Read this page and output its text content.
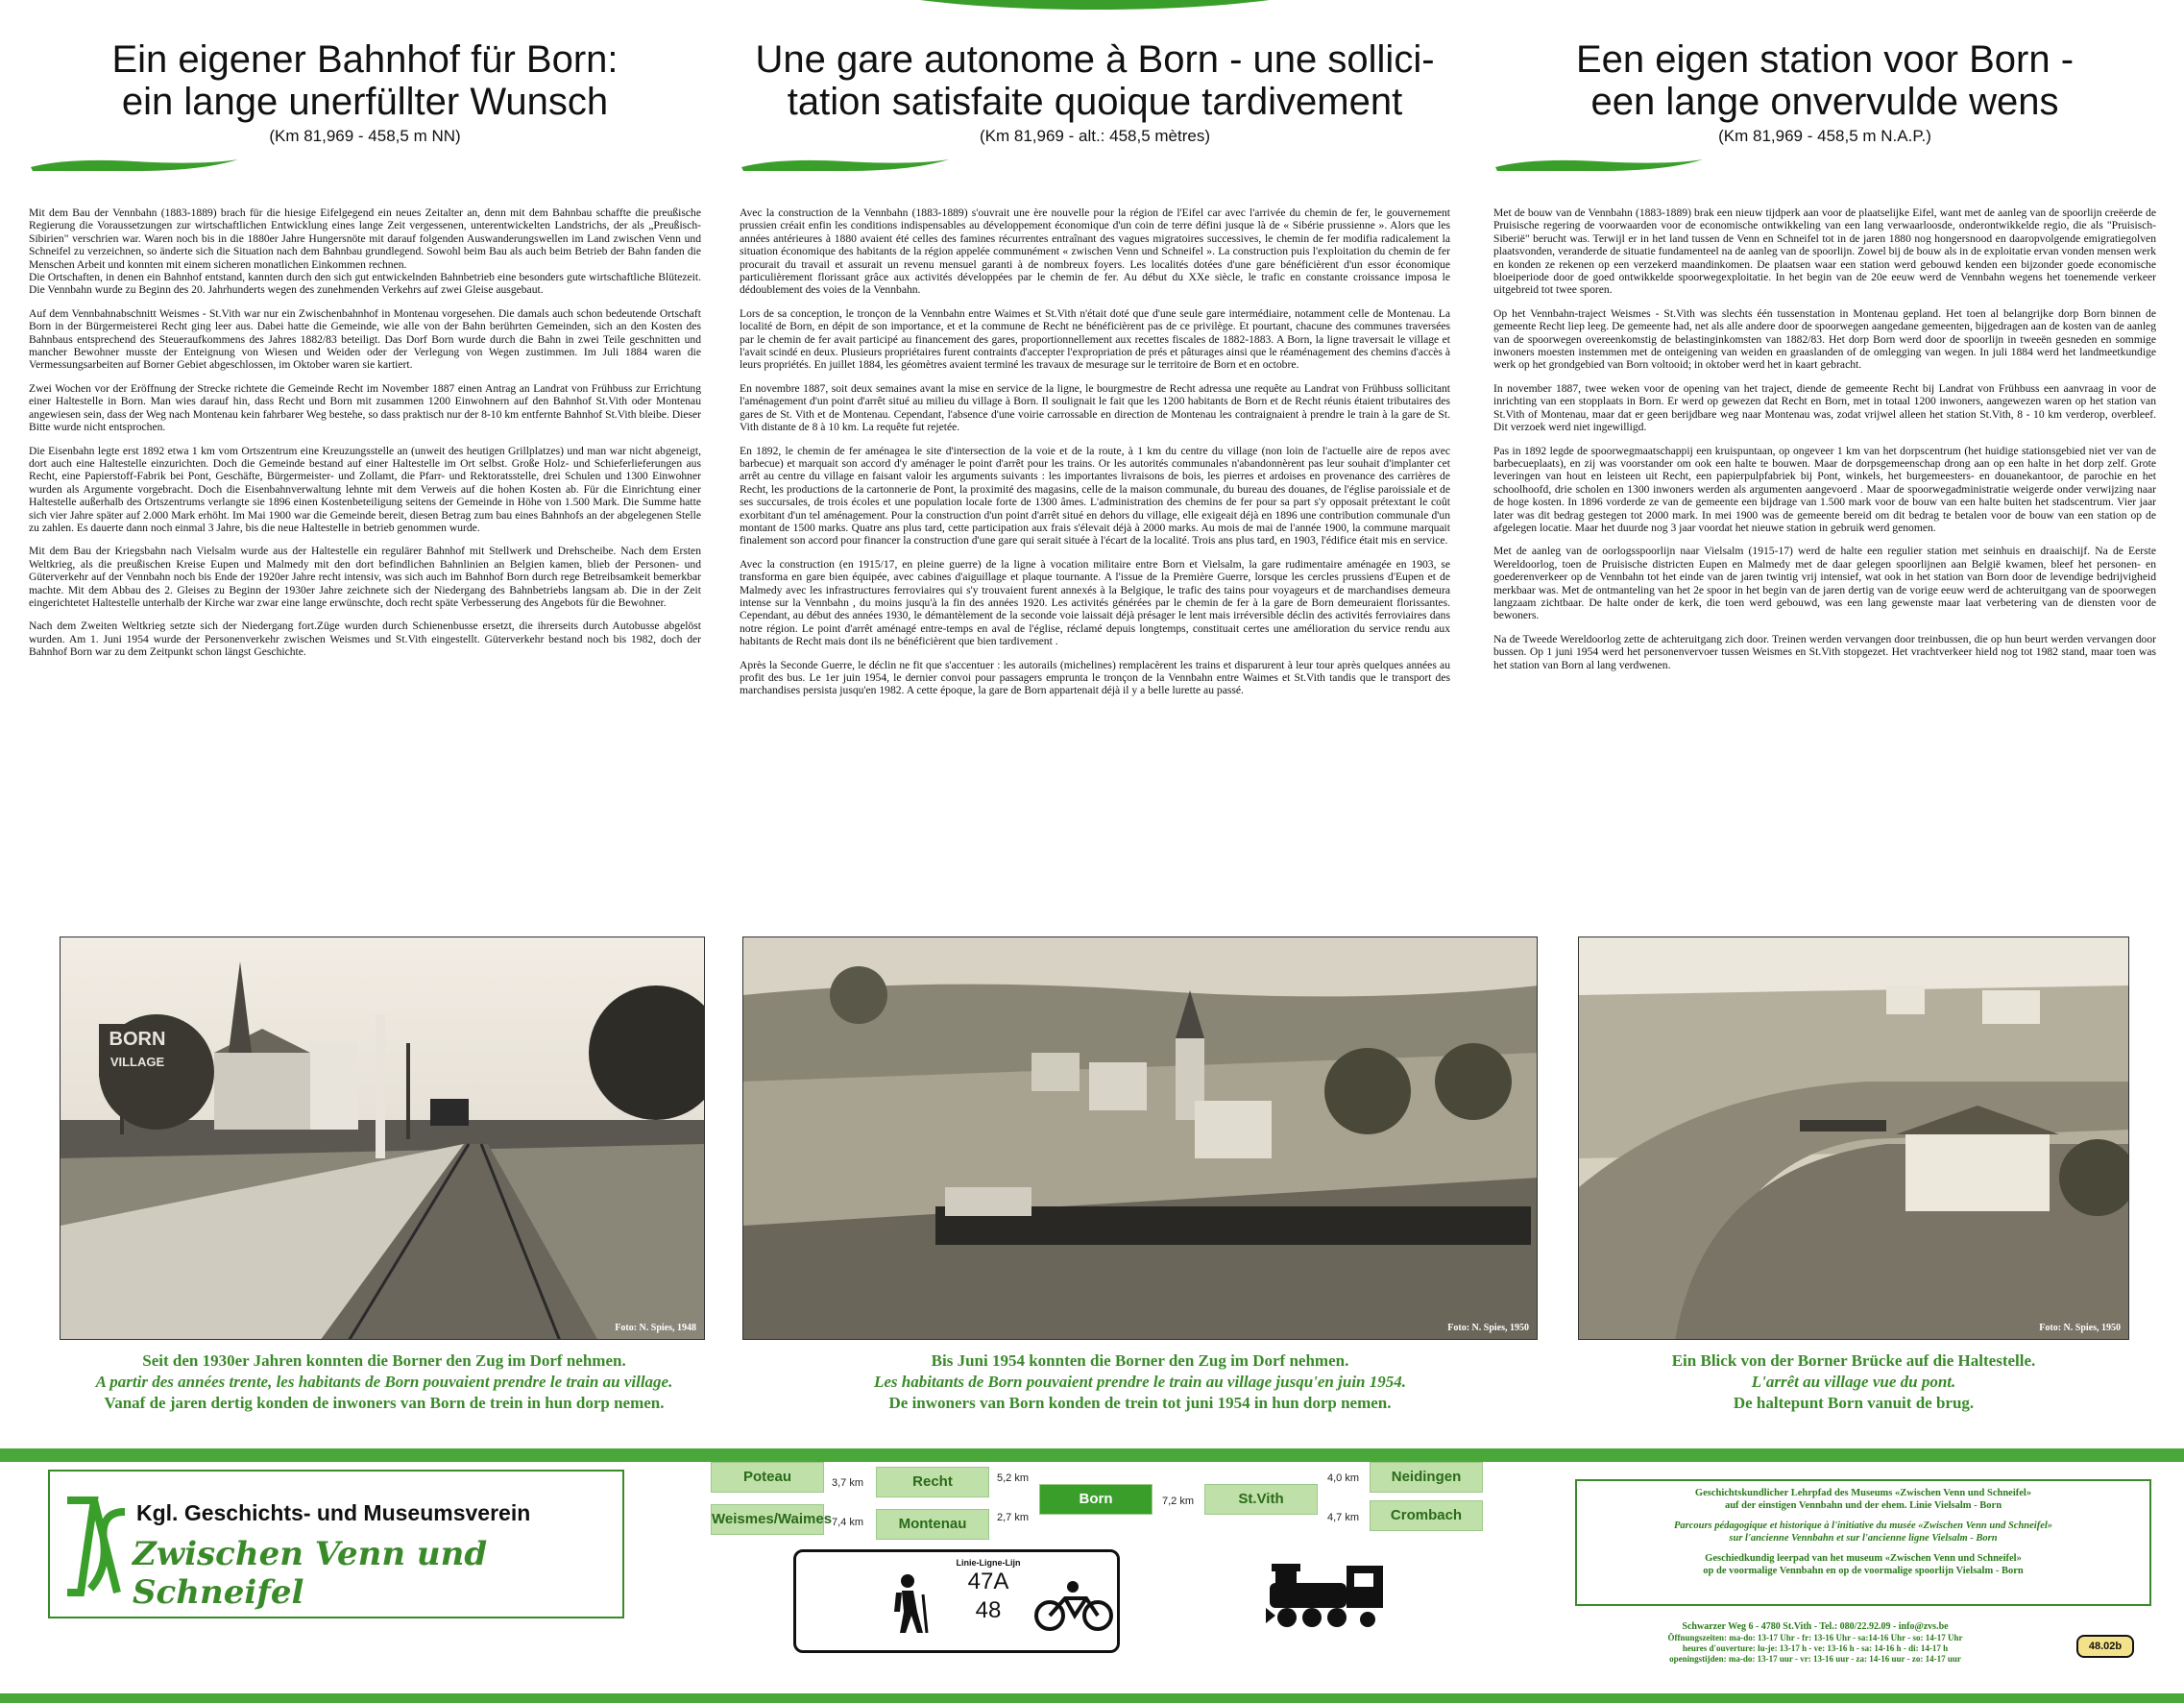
Ein eigener Bahnhof für Born:
ein lange unerfüllter Wunsch
(Km 81,969 - 458,5 m NN)

Mit dem Bau der Vennbahn (1883-1889) brach für die hiesige Eifelgegend ein neues Zeitalter an, denn mit dem Bahnbau schaffte die preußische Regierung die Voraussetzungen zur wirtschaftlichen Entwicklung eines lange Zeit vergessenen, unterentwickelten Landstrichs, der als „Preußisch-Sibirien" verschrien war. Waren noch bis in die 1880er Jahre Hungersnöte mit darauf folgenden Auswanderungswellen im Land zwischen Venn und Schneifel zu verzeichnen, so änderte sich die Situation nach dem Bahnbau grundlegend. Sowohl beim Bau als auch beim Betrieb der Bahn fanden die Menschen Arbeit und konnten mit einem sicheren monatlichen Einkommen rechnen.
Die Ortschaften, in denen ein Bahnhof entstand, kannten durch den sich gut entwickelnden Bahnbetrieb eine besonders gute wirtschaftliche Blütezeit. Die Vennbahn wurde zu Beginn des 20. Jahrhunderts wegen des zunehmenden Verkehrs auf zwei Gleise ausgebaut.

Auf dem Vennbahnabschnitt Weismes - St.Vith war nur ein Zwischenbahnhof in Montenau vorgesehen. Die damals auch schon bedeutende Ortschaft Born in der Bürgermeisterei Recht ging leer aus. Dabei hatte die Gemeinde, wie alle von der Bahn berührten Gemeinden, sich an den Kosten des Bahnbaus entsprechend des Steueraufkommens des Jahres 1882/83 beteiligt. Das Dorf Born wurde durch die Bahn in zwei Teile geschnitten und mancher Bewohner musste der Enteignung von Wiesen und Weiden oder der Verlegung von Wegen zustimmen. Im Juli 1884 waren die Vermessungsarbeiten auf Borner Gebiet abgeschlossen, im Oktober waren sie kartiert.

Zwei Wochen vor der Eröffnung der Strecke richtete die Gemeinde Recht im November 1887 einen Antrag an Landrat von Frühbuss zur Errichtung einer Haltestelle in Born. Man wies darauf hin, dass Recht und Born mit zusammen 1200 Einwohnern auf den Bahnhof St.Vith oder Montenau angewiesen sein, dass der Weg nach Montenau kein fahrbarer Weg bestehe, so dass praktisch nur der 8-10 km entfernte Bahnhof St.Vith bleibe. Dieser Bitte wurde nicht entsprochen.

Die Eisenbahn legte erst 1892 etwa 1 km vom Ortszentrum eine Kreuzungsstelle an (unweit des heutigen Grillplatzes) und man war nicht abgeneigt, dort auch eine Haltestelle einzurichten. Doch die Gemeinde bestand auf einer Haltestelle im Ort selbst. Große Holz- und Schieferlieferungen aus Recht, eine Papierstoff-Fabrik bei Pont, Geschäfte, Bürgermeister- und Zollamt, die Pfarr- und Rektoratsstelle, drei Schulen und 1300 Einwohner wurden als Argumente vorgebracht. Doch die Eisenbahnverwaltung lehnte mit dem Verweis auf die hohen Kosten ab. Für die Einrichtung einer Haltestelle außerhalb des Ortszentrums verlangte sie 1896 einen Kostenbeteiligung seitens der Gemeinde in Höhe von 1.500 Mark. Die Summe hatte sich vier Jahre später auf 2.000 Mark erhöht. Im Mai 1900 war die Gemeinde bereit, diesen Betrag zum bau eines Bahnhofs an der abgelegenen Stelle zu zahlen. Es dauerte dann noch einmal 3 Jahre, bis die neue Haltestelle in betrieb genommen wurde.

Mit dem Bau der Kriegsbahn nach Vielsalm wurde aus der Haltestelle ein regulärer Bahnhof mit Stellwerk und Drehscheibe. Nach dem Ersten Weltkrieg, als die preußischen Kreise Eupen und Malmedy mit den dort befindlichen Bahnlinien an Belgien kamen, blieb der Personen- und Güterverkehr auf der Vennbahn noch bis Ende der 1920er Jahre recht intensiv, was sich auch im Bahnhof Born durch rege Betreibsamkeit bemerkbar machte. Mit dem Abbau des 2. Gleises zu Beginn der 1930er Jahre zeichnete sich der Niedergang des Bahnbetriebs langsam ab. Die in der Zeit eingerichtetet Haltestelle unterhalb der Kirche war zwar eine lange erwünschte, doch recht späte Verbesserung des Angebots für die Bewohner.

Nach dem Zweiten Weltkrieg setzte sich der Niedergang fort.Züge wurden durch Schienenbusse ersetzt, die ihrerseits durch Autobusse abgelöst wurden. Am 1. Juni 1954 wurde der Personenverkehr zwischen Weismes und St.Vith eingestellt. Güterverkehr bestand noch bis 1982, doch der Bahnhof Born war zu dem Zeitpunkt schon längst Geschichte.

Une gare autonome à Born - une sollici-
tation satisfaite quoique tardivement
(Km 81,969 - alt.: 458,5 mètres)

Avec la construction de la Vennbahn (1883-1889) s'ouvrait une ère nouvelle pour la région de l'Eifel car avec l'arrivée du chemin de fer, le gouvernement prussien créait enfin les conditions indispensables au développement économique d'un coin de terre défini jusque là de « Sibérie prussienne ». Alors que les années antérieures à 1880 avaient été celles des famines récurrentes entraînant des vagues migratoires successives, le chemin de fer modifia radicalement la situation économique des habitants de la région appelée communément « zwischen Venn und Schneifel ». La construction puis l'exploitation du chemin de fer procurait du travail et assurait un revenu mensuel garanti à de nombreux foyers. Les localités dotées d'une gare bénéficièrent d'un essor économique particulièrement florissant grâce aux activités développées par le chemin de fer. Au début du XXe siècle, le trafic en constante croissance imposa le dédoublement des voies de la Vennbahn.

Lors de sa conception, le tronçon de la Vennbahn entre Waimes et St.Vith n'était doté que d'une seule gare intermédiaire, notamment celle de Montenau. La localité de Born, en dépit de son importance, et et la commune de Recht ne bénéficièrent pas de ce privilège. Et pourtant, chacune des communes traversées par le chemin de fer avait participé au financement des gares, proportionnellement aux recettes fiscales de 1882-1883. A Born, la ligne traversait le village et l'avait scindé en deux. Plusieurs propriétaires furent contraints d'accepter l'expropriation de prés et pâturages ainsi que le réaménagement des chemins d'accès à leurs propriétés. En juillet 1884, les géomètres avaient terminé les travaux de mesurage sur le territoire de Born et en octobre.

En novembre 1887, soit deux semaines avant la mise en service de la ligne, le bourgmestre de Recht adressa une requête au Landrat von Frühbuss sollicitant l'aménagement d'un point d'arrêt situé au milieu du village à Born. Il soulignait le fait que les 1200 habitants de Born et de Recht réunis étaient tributaires des gares de St. Vith et de Montenau. Cependant, l'absence d'une voirie carrossable en direction de Montenau les contraignaient à prendre le train à la gare de St. Vith distante de 8 à 10 km. La requête fut rejetée.

En 1892, le chemin de fer aménagea le site d'intersection de la voie et de la route, à 1 km du centre du village (non loin de l'actuelle aire de repos avec barbecue) et marquait son accord d'y aménager le point d'arrêt pour les trains. Or les autorités communales n'abandonnèrent pas leur souhait d'implanter cet arrêt au centre du village en faisant valoir les arguments suivants : les importantes livraisons de bois, les pierres et ardoises en provenance des carrières de Recht, les productions de la cartonnerie de Pont, la proximité des magasins, celle de la maison communale, du bureau des douanes, de l'église paroissiale et de ses succursales, de trois écoles et une population locale forte de 1300 âmes. L'administration des chemins de fer pour sa part s'y opposait prétextant le coût exorbitant d'un tel aménagement. Pour la construction d'un point d'arrêt situé en dehors du village, elle exigeait déjà en 1896 une contribution communale d'un montant de 1500 marks. Quatre ans plus tard, cette participation aux frais s'élevait déjà à 2000 marks. Au mois de mai de l'année 1900, la commune marquait finalement son accord pour financer la construction d'une gare qui serait située à l'écart de la localité. Trois ans plus tard, en 1903, l'édifice était mis en service.

Avec la construction (en 1915/17, en pleine guerre) de la ligne à vocation militaire entre Born et Vielsalm, la gare rudimentaire aménagée en 1903, se transforma en gare bien équipée, avec cabines d'aiguillage et plaque tournante. A l'issue de la Première Guerre, lorsque les cercles prussiens d'Eupen et de Malmedy avec les infrastructures ferroviaires qui s'y trouvaient furent annexés à la Belgique, le trafic des tains pour voyageurs et de marchandises demeura intense sur la Vennbahn , du moins jusqu'à la fin des années 1920. Les activités générées par le chemin de fer à la gare de Born demeuraient florissantes. Cependant, au début des années 1930, le démantèlement de la seconde voie laissait déjà présager le lent mais irréversible déclin des activités ferroviaires dans notre région. Le point d'arrêt aménagé entre-temps en aval de l'église, réclamé depuis longtemps, constituait certes une amélioration du service rendu aux habitants de Recht mais dont ils ne bénéficièrent que bien tardivement .

Après la Seconde Guerre, le déclin ne fit que s'accentuer : les autorails (michelines) remplacèrent les trains et disparurent à leur tour après quelques années au profit des bus. Le 1er juin 1954, le dernier convoi pour passagers emprunta le tronçon de la Vennbahn entre Waimes et St.Vith tandis que le transport des marchandises persista jusqu'en 1982. A cette époque, la gare de Born appartenait déjà il y a belle lurette au passé.

Een eigen station voor Born -
een lange onvervulde wens
(Km 81,969 - 458,5 m N.A.P.)

Met de bouw van de Vennbahn (1883-1889) brak een nieuw tijdperk aan voor de plaatselijke Eifel, want met de aanleg van de spoorlijn creëerde de Pruisische regering de voorwaarden voor de economische ontwikkeling van een lang verwaarloosde, onderontwikkelde regio, die als "Pruisisch- Siberië" berucht was. Terwijl er in het land tussen de Venn en Schneifel tot in de jaren 1880 nog hongersnood en daaropvolgende emigratiegolven plaatsvonden, veranderde de situatie fundamenteel na de aanleg van de spoorlijn. Zowel bij de bouw als in de exploitatie ervan vonden mensen werk en konden ze rekenen op een verzekerd maandinkomen. De plaatsen waar een station werd gebouwd kenden een bijzonder goede economische bloeiperiode door de goed ontwikkelde spoorwegexploitatie. In het begin van de 20e eeuw werd de Vennbahn wegens het toenemende verkeer uitgebreid tot twee sporen.

Op het Vennbahn-traject Weismes - St.Vith was slechts één tussenstation in Montenau gepland. Het toen al belangrijke dorp Born binnen de gemeente Recht liep leeg. De gemeente had, net als alle andere door de spoorwegen aangedane gemeenten, bijgedragen aan de kosten van de aanleg van de spoorwegen overeenkomstig de belastinginkomsten van 1882/83. Het dorp Born werd door de spoorlijn in tweeën gesneden en sommige inwoners moesten instemmen met de onteigening van weiden en graaslanden of de omlegging van wegen. In juli 1884 werd het landmeetkundige werk op het grondgebied van Born voltooid; in oktober werd het in kaart gebracht.

In november 1887, twee weken voor de opening van het traject, diende de gemeente Recht bij Landrat von Frühbuss een aanvraag in voor de inrichting van een stopplaats in Born. Er werd op gewezen dat Recht en Born, met in totaal 1200 inwoners, aangewezen waren op het station van St.Vith of Montenau, maar dat er geen berijdbare weg naar Montenau was, zodat vrijwel alleen het station St.Vith, 8 - 10 km verderop, overbleef. Dit verzoek werd niet ingewilligd.

Pas in 1892 legde de spoorwegmaatschappij een kruispuntaan, op ongeveer 1 km van het dorpscentrum (het huidige stationsgebied niet ver van de barbecueplaats), en zij was voorstander om ook een halte te bouwen. Maar de dorpsgemeenschap drong aan op een halte in het dorp zelf. Grote leveringen van hout en leisteen uit Recht, een papierpulpfabriek bij Pont, winkels, het burgemeesters- en douanekantoor, de parochie en het schoolhoofd, drie scholen en 1300 inwoners werden als argumenten aangevoerd . Maar de spoorwegadministratie weigerde onder verwijzing naar de hoge kosten. In 1896 vorderde ze van de gemeente een bijdrage van 1.500 mark voor de bouw van een halte buiten het stadscentrum. Vier jaar later was dit bedrag gestegen tot 2000 mark. In mei 1900 was de gemeente bereid om dit bedrag te betalen voor de bouw van een station op de afgelegen locatie. Maar het duurde nog 3 jaar voordat het nieuwe station in gebruik werd genomen.

Met de aanleg van de oorlogsspoorlijn naar Vielsalm (1915-17) werd de halte een regulier station met seinhuis en draaischijf. Na de Eerste Wereldoorlog, toen de Pruisische districten Eupen en Malmedy met de daar gelegen spoorlijnen aan België kwamen, bleef het personen- en goederenverkeer op de Vennbahn tot het einde van de jaren twintig vrij intensief, wat ook in het station van Born door de levendige bedrijvigheid merkbaar was. Met de ontmanteling van het 2e spoor in het begin van de jaren dertig van de vorige eeuw werd de achteruitgang van de spoorwegen langzaam zichtbaar. De halte onder de kerk, die toen werd gebouwd, was een lang gewenste maar laat verbetering van de diensten voor de bewoners.

Na de Tweede Wereldoorlog zette de achteruitgang zich door. Treinen werden vervangen door treinbussen, die op hun beurt werden vervangen door bussen. Op 1 juni 1954 werd het personenvervoer tussen Weismes en St.Vith stopgezet. Het vrachtverkeer hield nog tot 1982 stand, maar toen was het station van Born al lang verdwenen.

BORN
VILLAGE
Foto: N. Spies, 1948	Foto: N. Spies, 1950	Foto: N. Spies, 1950
Seit den 1930er Jahren konnten die Borner den Zug im Dorf nehmen.
A partir des années trente, les habitants de Born pouvaient prendre le train au village.
Vanaf de jaren dertig konden de inwoners van Born de trein in hun dorp nemen.
Bis Juni 1954 konnten die Borner den Zug im Dorf nehmen.
Les habitants de Born pouvaient prendre le train au village jusqu'en juin 1954.
De inwoners van Born konden de trein tot juni 1954 in hun dorp nemen.
Ein Blick von der Borner Brücke auf die Haltestelle.
L'arrêt au village vue du pont.
De haltepunt Born vanuit de brug.
Kgl. Geschichts- und Museumsverein
Zwischen Venn und Schneifel
Poteau
Weismes/Waimes
3,7 km
7,4 km
Recht
Montenau
5,2 km
2,7 km
Born	7,2 km	St.Vith
4,0 km
4,7 km
Neidingen
Crombach
Linie-Ligne-Lijn
47A
48

Geschichtskundlicher Lehrpfad des Museums «Zwischen Venn und Schneifel»

auf der einstigen Vennbahn und der ehem. Linie Vielsalm - Born

Parcours pédagogique et historique à l'initiative du musée «Zwischen Venn und Schneifel»

sur l'ancienne Vennbahn et sur l'ancienne ligne Vielsalm - Born

Geschiedkundig leerpad van het museum «Zwischen Venn und Schneifel»

op de voormalige Vennbahn en op de voormalige spoorlijn Vielsalm - Born

Schwarzer Weg 6 - 4780 St.Vith - Tel.: 080/22.92.09 - info@zvs.be

Öffnungszeiten: ma-do: 13-17 Uhr - fr: 13-16 Uhr - sa:14-16 Uhr - so: 14-17 Uhr

heures d'ouverture: lu-je: 13-17 h - ve: 13-16 h - sa: 14-16 h - di: 14-17 h

openingstijden: ma-do: 13-17 uur - vr: 13-16 uur - za: 14-16 uur - zo: 14-17 uur

48.02b
